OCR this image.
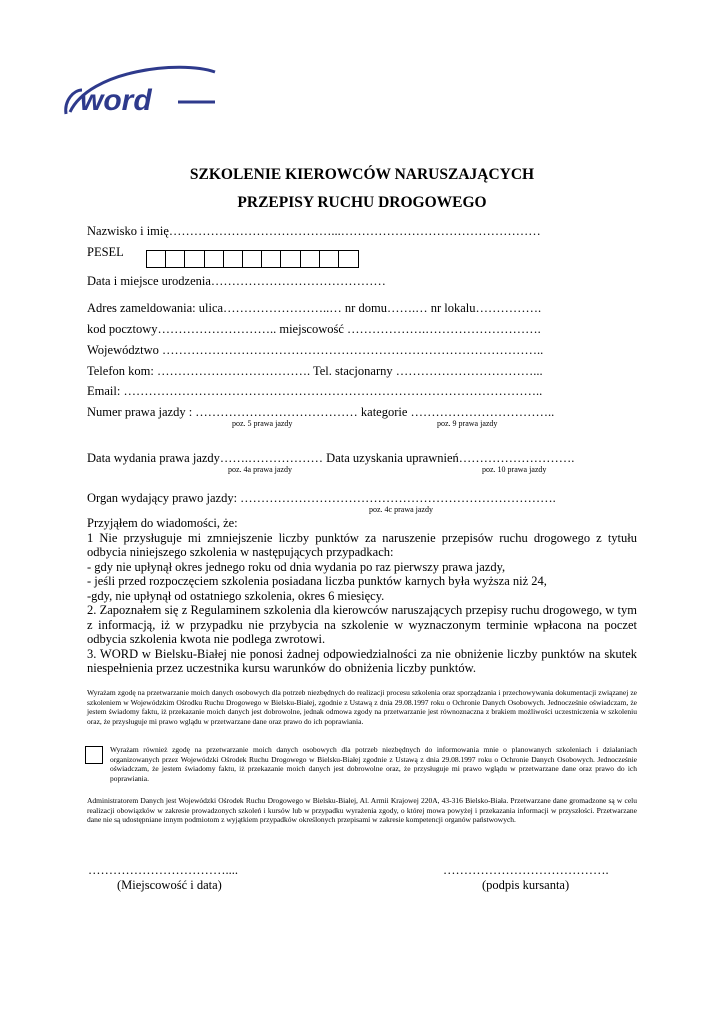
word
SZKOLENIE KIEROWCÓW NARUSZAJĄCYCH
PRZEPISY RUCHU DROGOWEGO
Nazwisko i imię…………………………………...…………………………………………
PESEL
Data i miejsce urodzenia……………………………………
Adres zameldowania: ulica……………………..… nr domu…….… nr lokalu…………….
kod pocztowy……………………….. miejscowość ……………….……………………….
Województwo ………………………………………………………………………………..
Telefon kom: ………………………………. Tel. stacjonarny ……………………………...
Email: ………………………………………………………………………………………..
Numer prawa jazdy : ………………………………… kategorie ……………………………..
poz. 5 prawa jazdy	poz. 9 prawa jazdy
Data wydania prawa jazdy…….……………… Data uzyskania uprawnień……………………….
poz. 4a prawa jazdy	poz. 10 prawa jazdy
Organ wydający prawo jazdy: ………………………………………………………………….
poz. 4c prawa jazdy
Przyjąłem do wiadomości, że:
1 Nie przysługuje mi zmniejszenie liczby punktów za naruszenie przepisów ruchu drogowego z tytułu odbycia niniejszego szkolenia w następujących przypadkach:
- gdy nie upłynął okres jednego roku od dnia wydania po raz pierwszy prawa jazdy,
- jeśli przed rozpoczęciem szkolenia posiadana liczba punktów karnych była wyższa niż 24,
-gdy, nie upłynął od ostatniego szkolenia, okres 6 miesięcy.
2. Zapoznałem się z Regulaminem szkolenia dla kierowców naruszających przepisy ruchu drogowego, w tym z informacją, iż w przypadku nie przybycia na szkolenie w wyznaczonym terminie wpłacona na poczet odbycia szkolenia kwota nie podlega zwrotowi.
3. WORD w Bielsku-Białej nie ponosi żadnej odpowiedzialności za nie obniżenie liczby punktów na skutek niespełnienia przez uczestnika kursu warunków do obniżenia liczby punktów.
Wyrażam zgodę na przetwarzanie moich danych osobowych dla potrzeb niezbędnych do realizacji procesu szkolenia oraz sporządzania i przechowywania dokumentacji związanej ze szkoleniem w Wojewódzkim Ośrodku Ruchu Drogowego w Bielsku-Białej, zgodnie z Ustawą z dnia 29.08.1997 roku o Ochronie Danych Osobowych. Jednocześnie oświadczam, że jestem świadomy faktu, iż przekazanie moich danych jest dobrowolne, jednak odmowa zgody na przetwarzanie jest równoznaczna z brakiem możliwości uczestniczenia w szkoleniu oraz, że przysługuje mi prawo wglądu w przetwarzane dane oraz prawo do ich poprawiania.
Wyrażam również zgodę na przetwarzanie moich danych osobowych dla potrzeb niezbędnych do informowania mnie o planowanych szkoleniach i działaniach organizowanych przez Wojewódzki Ośrodek Ruchu Drogowego w Bielsku-Białej zgodnie z Ustawą z dnia 29.08.1997 roku o Ochronie Danych Osobowych. Jednocześnie oświadczam, że jestem świadomy faktu, iż przekazanie moich danych jest dobrowolne oraz, że przysługuje mi prawo wglądu w przetwarzane dane oraz prawo do ich poprawiania.
Administratorem Danych jest Wojewódzki Ośrodek Ruchu Drogowego w Bielsku-Białej, Al. Armii Krajowej 220A, 43-316 Bielsko-Biała. Przetwarzane dane gromadzone są w celu realizacji obowiązków w zakresie prowadzonych szkoleń i kursów lub w przypadku wyrażenia zgody, o której mowa powyżej i przekazania informacji w przyszłości. Przetwarzane dane nie są udostępniane innym podmiotom z wyjątkiem przypadków określonych przepisami w zakresie kompetencji organów państwowych.
……………………………....
(Miejscowość i data)
………………………………….
(podpis kursanta)
